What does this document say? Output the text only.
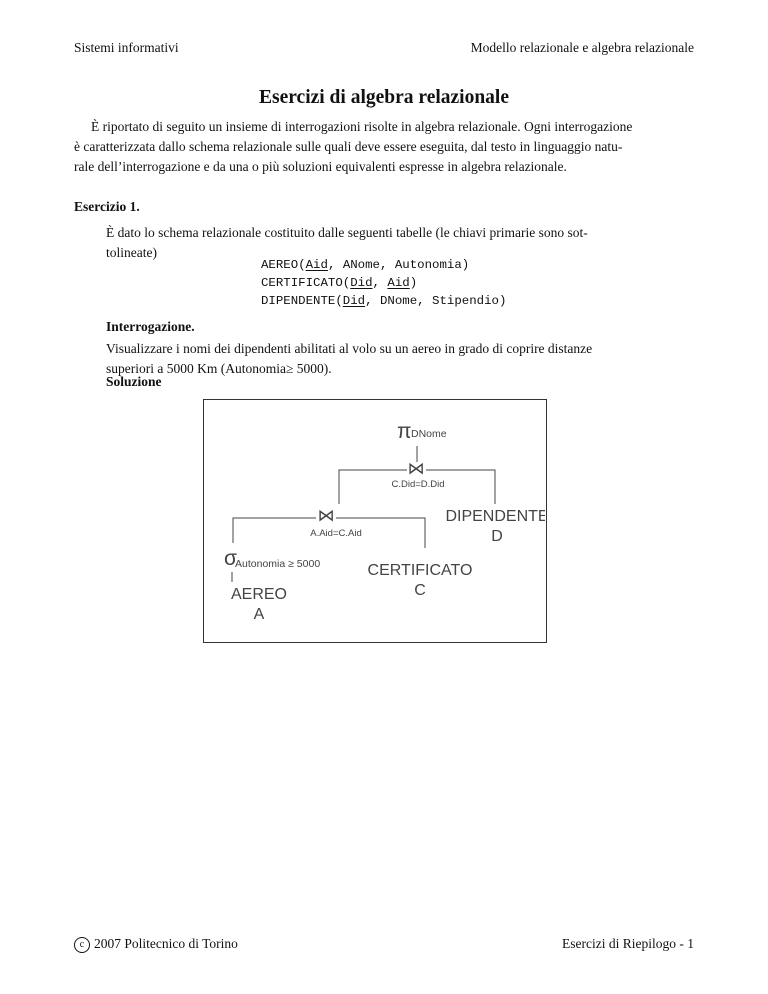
Sistemi informativi	Modello relazionale e algebra relazionale
Esercizi di algebra relazionale
È riportato di seguito un insieme di interrogazioni risolte in algebra relazionale. Ogni interrogazione
è caratterizzata dallo schema relazionale sulle quali deve essere eseguita, dal testo in linguaggio natu-
rale dell’interrogazione e da una o più soluzioni equivalenti espresse in algebra relazionale.
Esercizio 1.
È dato lo schema relazionale costituito dalle seguenti tabelle (le chiavi primarie sono sot-
tolineate)
AEREO(Aid, ANome, Autonomia)
CERTIFICATO(Did, Aid)
DIPENDENTE(Did, DNome, Stipendio)
Interrogazione.
Visualizzare i nomi dei dipendenti abilitati al volo su un aereo in grado di coprire distanze
superiori a 5000 Km (Autonomia≥ 5000).
Soluzione
π DNome
⋈
C.Did=D.Did
⋈
A.Aid=C.Aid
σ
Autonomia ≥ 5000
AEREO
A
CERTIFICATO
C
DIPENDENTE
D
c 2007 Politecnico di Torino	Esercizi di Riepilogo - 1
